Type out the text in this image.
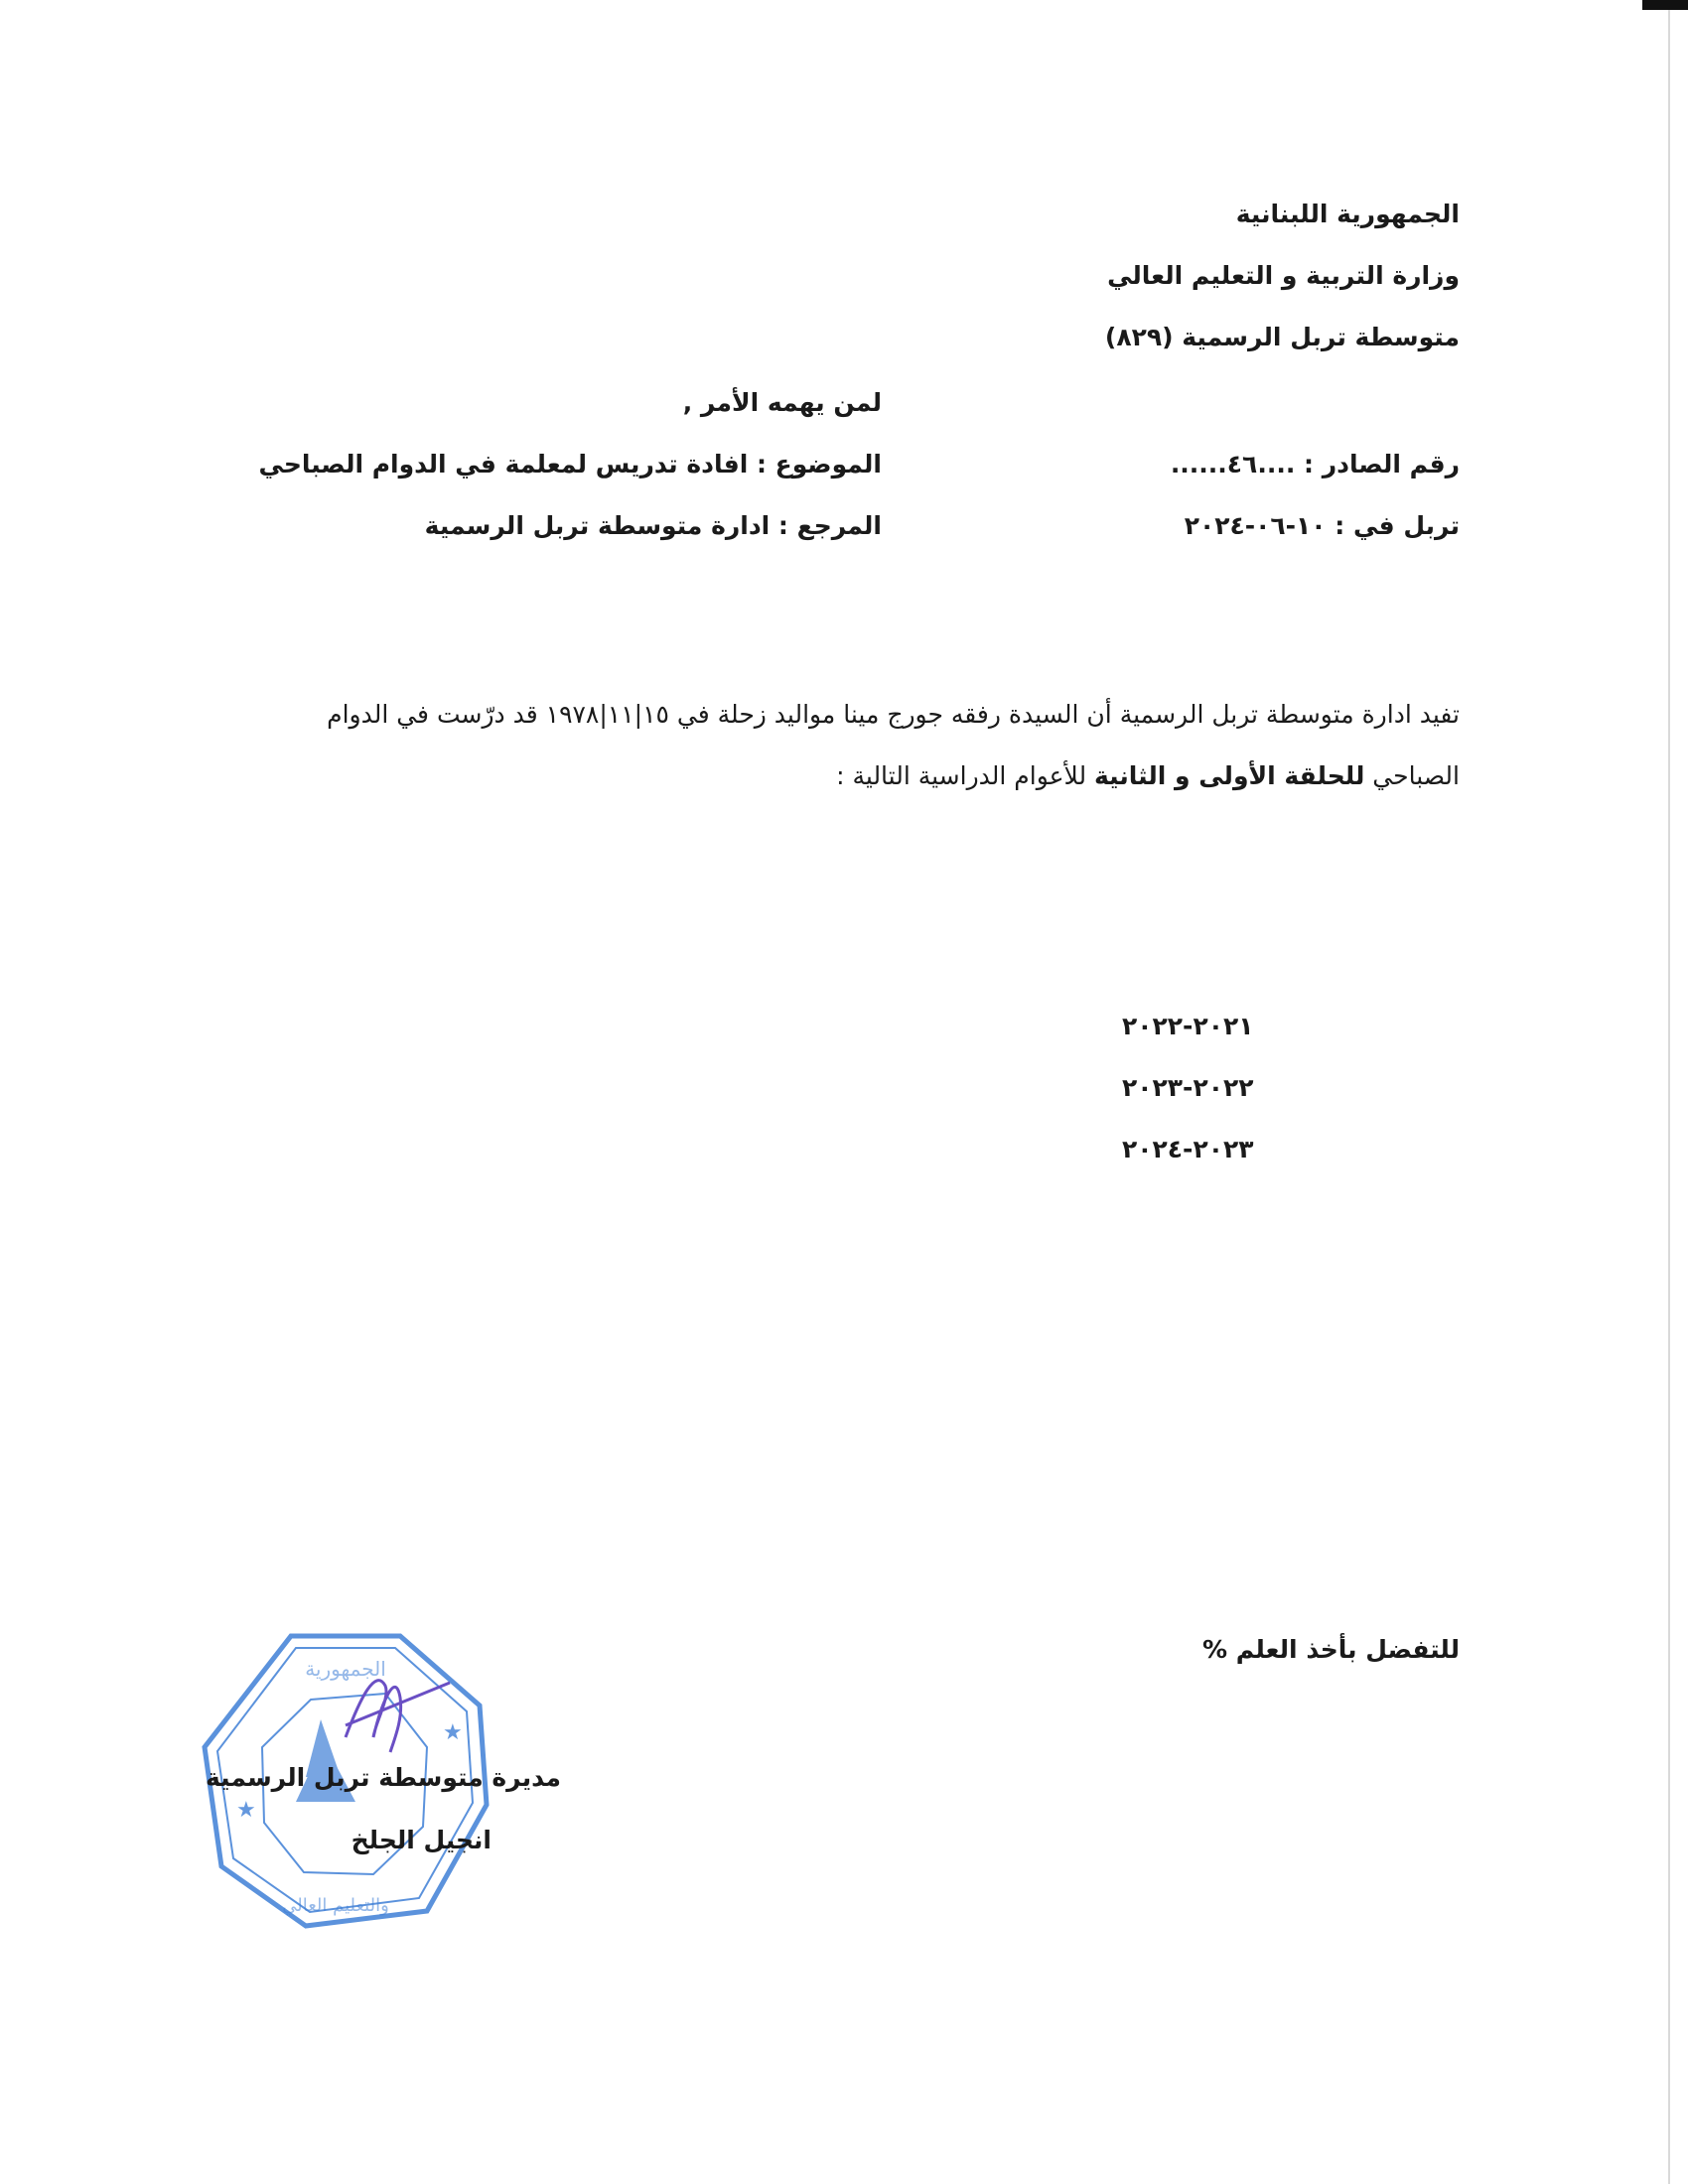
الجمهورية اللبنانية
وزارة التربية و التعليم العالي
متوسطة تربل الرسمية (٨٢٩)
لمن يهمه الأمر ,
رقم الصادر : ....٤٦......
تربل في : ١٠-٠٦-٢٠٢٤
الموضوع : افادة تدريس لمعلمة في الدوام الصباحي
المرجع : ادارة متوسطة تربل الرسمية
تفيد ادارة متوسطة تربل الرسمية أن السيدة رفقه جورج مينا مواليد زحلة في ١٥|١١|١٩٧٨ قد درّست في الدوام
الصباحي للحلقة الأولى و الثانية للأعوام الدراسية التالية :
٢٠٢١-٢٠٢٢
٢٠٢٢-٢٠٢٣
٢٠٢٣-٢٠٢٤
للتفضل بأخذ العلم %
★
★
الجمهورية
والتعليم العالي
مديرة متوسطة تربل الرسمية
انجيل الجلخ
